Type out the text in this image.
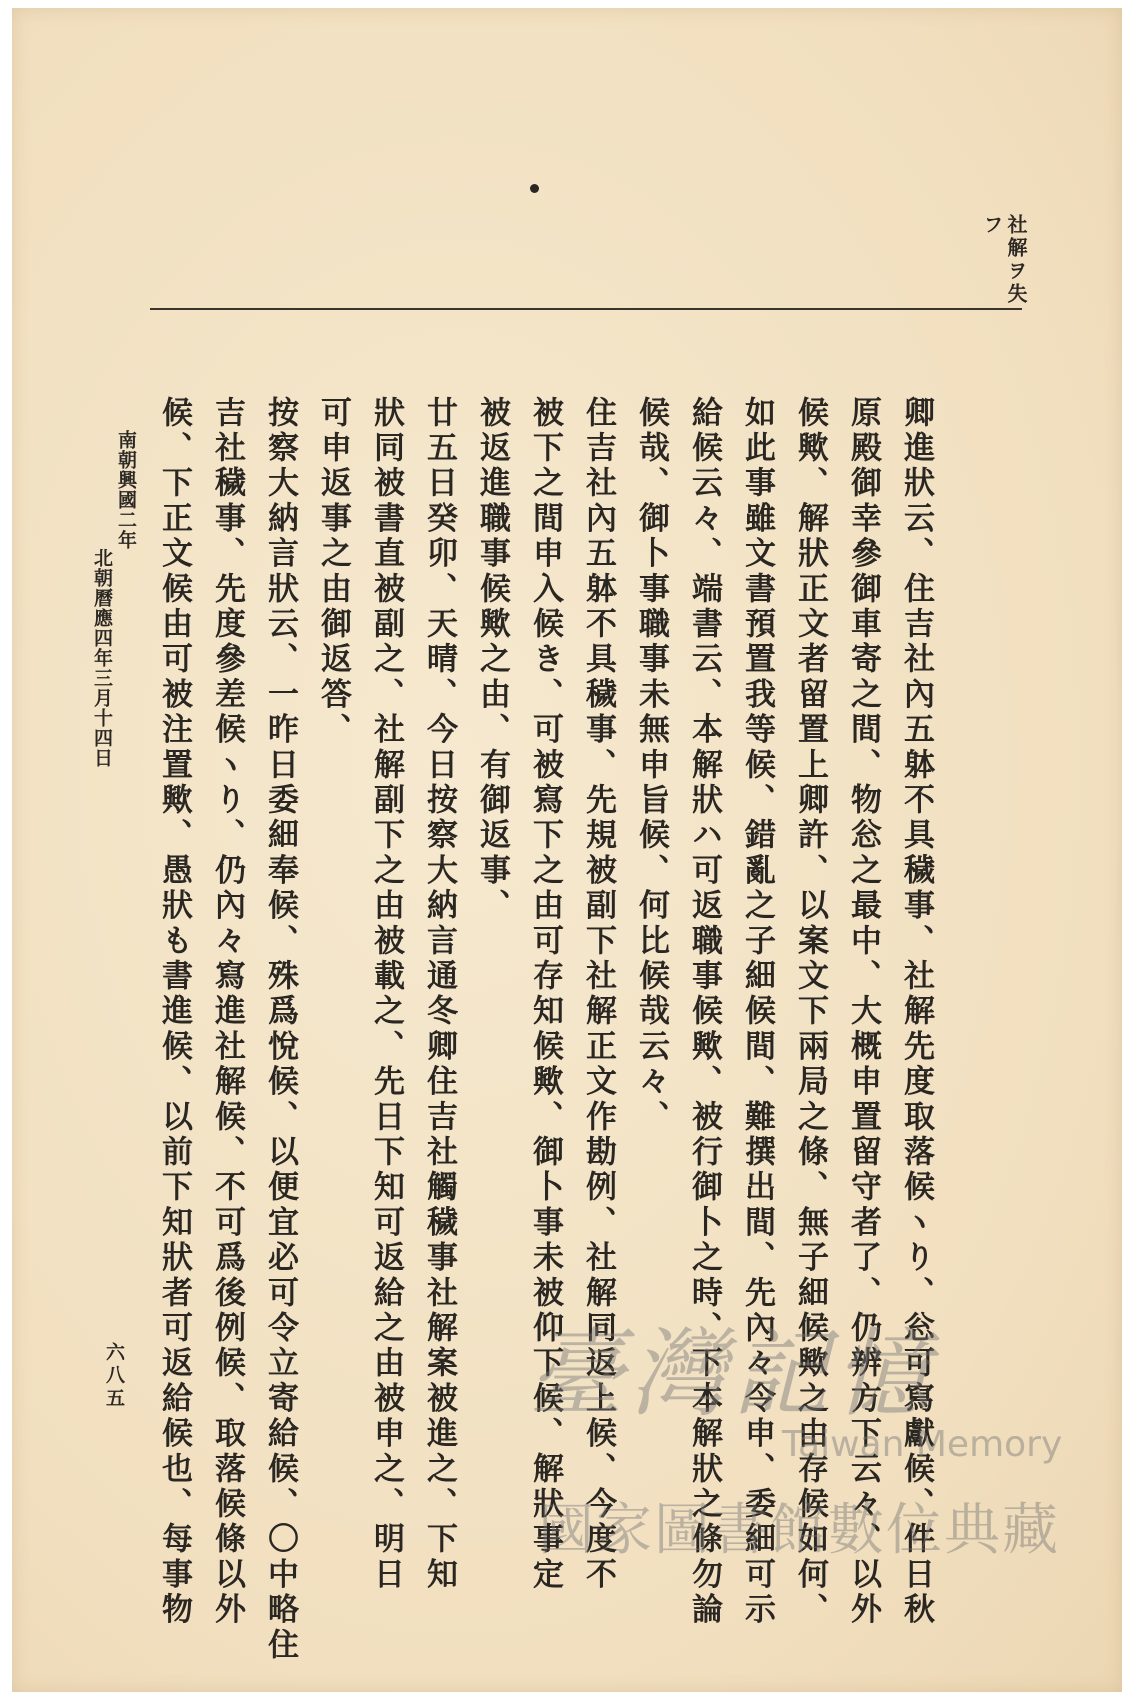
社解ヲ失
フ
卿進狀云、住吉社內五躰不具穢事、社解先度取落候ヽり、忩可寫獻候、件日秋
原殿御幸參御車寄之間、物忩之最中、大概申置留守者了、仍辨方下云々、以外
候歟、解狀正文者留置上卿許、以案文下兩局之條、無子細候歟之由存候如何、
如此事雖文書預置我等候、錯亂之子細候間、難撰出間、先內々令申、委細可示
給候云々、端書云、本解狀ハ可返職事候歟、被行御卜之時、下本解狀之條勿論
候哉、御卜事職事未無申旨候、何比候哉云々、
住吉社內五躰不具穢事、先規被副下社解正文作勘例、社解同返上候、今度不
被下之間申入候き、可被寫下之由可存知候歟、御卜事未被仰下候、解狀事定
被返進職事候歟之由、有御返事、
廿五日癸卯、天晴、今日按察大納言通冬卿住吉社觸穢事社解案被進之、下知
狀同被書直被副之、社解副下之由被載之、先日下知可返給之由被申之、明日
可申返事之由御返答、
按察大納言狀云、一昨日委細奉候、殊爲悅候、以便宜必可令立寄給候、〇中略住
吉社穢事、先度參差候ヽり、仍內々寫進社解候、不可爲後例候、取落候條以外
候、下正文候由可被注置歟、愚狀も書進候、以前下知狀者可返給候也、每事物
南朝興國二年
北朝曆應四年三月十四日
六八五	臺灣記憶
Taiwan Memory
國家圖書館數位典藏
